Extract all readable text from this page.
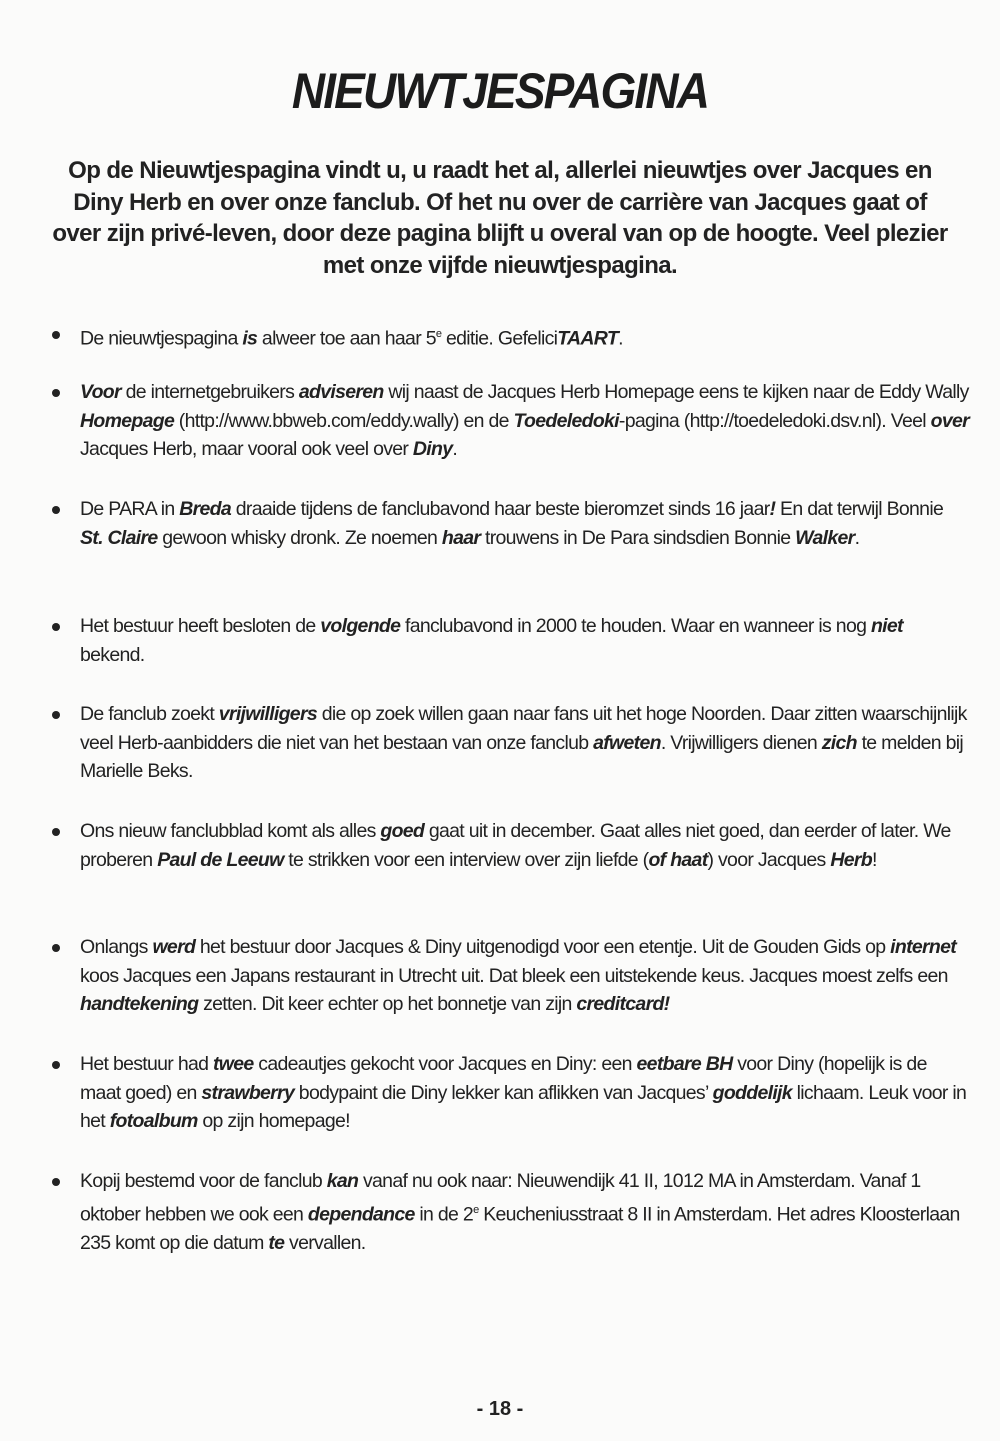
NIEUWTJESPAGINA

Op de Nieuwtjespagina vindt u, u raadt het al, allerlei nieuwtjes over Jacques en Diny Herb en over onze fanclub. Of het nu over de carrière van Jacques gaat of over zijn privé-leven, door deze pagina blijft u overal van op de hoogte. Veel plezier met onze vijfde nieuwtjespagina.

De nieuwtjespagina is alweer toe aan haar 5e editie. GefeliciTAART.
Voor de internetgebruikers adviseren wij naast de Jacques Herb Homepage eens te kijken naar de Eddy Wally Homepage (http://www.bbweb.com/eddy.wally) en de Toedeledoki-pagina (http://toedeledoki.dsv.nl). Veel over Jacques Herb, maar vooral ook veel over Diny.
De PARA in Breda draaide tijdens de fanclubavond haar beste bieromzet sinds 16 jaar! En dat terwijl Bonnie St. Claire gewoon whisky dronk. Ze noemen haar trouwens in De Para sindsdien Bonnie Walker.
Het bestuur heeft besloten de volgende fanclubavond in 2000 te houden. Waar en wanneer is nog niet bekend.
De fanclub zoekt vrijwilligers die op zoek willen gaan naar fans uit het hoge Noorden. Daar zitten waarschijnlijk veel Herb-aanbidders die niet van het bestaan van onze fanclub afweten. Vrijwilligers dienen zich te melden bij Marielle Beks.
Ons nieuw fanclubblad komt als alles goed gaat uit in december. Gaat alles niet goed, dan eerder of later. We proberen Paul de Leeuw te strikken voor een interview over zijn liefde (of haat) voor Jacques Herb!
Onlangs werd het bestuur door Jacques & Diny uitgenodigd voor een etentje. Uit de Gouden Gids op internet koos Jacques een Japans restaurant in Utrecht uit. Dat bleek een uitstekende keus. Jacques moest zelfs een handtekening zetten. Dit keer echter op het bonnetje van zijn creditcard!
Het bestuur had twee cadeautjes gekocht voor Jacques en Diny: een eetbare BH voor Diny (hopelijk is de maat goed) en strawberry bodypaint die Diny lekker kan aflikken van Jacques’ goddelijk lichaam. Leuk voor in het fotoalbum op zijn homepage!
Kopij bestemd voor de fanclub kan vanaf nu ook naar: Nieuwendijk 41 II, 1012 MA in Amsterdam. Vanaf 1 oktober hebben we ook een dependance in de 2e Keucheniusstraat 8 II in Amsterdam. Het adres Kloosterlaan 235 komt op die datum te vervallen.
- 18 -
